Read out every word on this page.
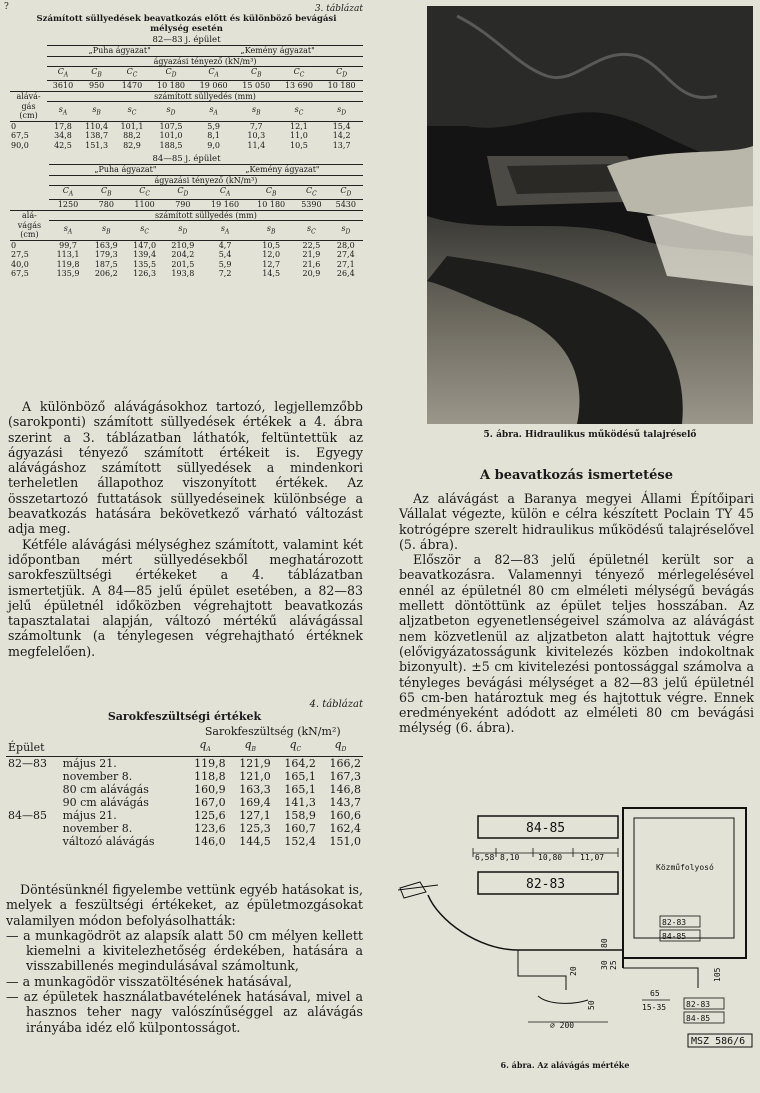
?	3. táblázat
Számított süllyedések beavatkozás előtt és különböző bevágási
mélység esetén
82—83 j. épület
	„Puha ágyazat"				„Kemény ágyazat"			
	ágyazási tényező (kN/m³)							
	$C_A$	$C_B$	$C_C$	$C_D$	$C_A$	$C_B$	$C_C$	$C_D$
	3610	950	1470	10 180	19 060	15 050	13 690	10 180
alává-	számított süllyedés (mm)							
gás	$s_A$	$s_B$	$s_C$	$s_D$	$s_A$	$s_B$	$s_C$	$s_D$
(cm)								
0	17,8	110,4	101,1	107,5	5,9	7,7	12,1	15,4
67,5	34,8	138,7	88,2	101,0	8,1	10,3	11,0	14,2
90,0	42,5	151,3	82,9	188,5	9,0	11,4	10,5	13,7
84—85 j. épület
	„Puha ágyazat"				„Kemény ágyazat"			
	ágyazási tényező (kN/m³)							
	$C_A$	$C_B$	$C_C$	$C_D$	$C_A$	$C_B$	$C_C$	$C_D$
	1250	780	1100	790	19 160	10 180	5390	5430
alá-	számított süllyedés (mm)							
vágás	$s_A$	$s_B$	$s_C$	$s_D$	$s_A$	$s_B$	$s_C$	$s_D$
(cm)								
0	99,7	163,9	147,0	210,9	4,7	10,5	22,5	28,0
27,5	113,1	179,3	139,4	204,2	5,4	12,0	21,9	27,4
40,0	119,8	187,5	135,5	201,5	5,9	12,7	21,6	27,1
67,5	135,9	206,2	126,3	193,8	7,2	14,5	20,9	26,4

A különböző alávágásokhoz tartozó, legjellemzőbb (sarokponti) számított süllyedések értékek a 4. ábra szerint a 3. táblázatban láthatók, feltüntettük az ágyazási tényező számított értékeit is. Egyegy alávágáshoz számított süllyedések a mindenkori terheletlen állapothoz viszonyított értékek. Az összetartozó futtatások süllyedéseinek különbsége a beavatkozás hatására bekövetkező várható változást adja meg.

Kétféle alávágási mélységhez számított, valamint két időpontban mért süllyedésekből meghatározott sarokfeszültségi értékeket a 4. táblázatban ismertetjük. A 84—85 jelű épület esetében, a 82—83 jelű épületnél időközben végrehajtott beavatkozás tapasztalatai alapján, változó mértékű alávágással számoltunk (a ténylegesen végrehajtható értéknek megfelelően).

4. táblázat
Sarokfeszültségi értékek
		Sarokfeszültség (kN/m²)			
Épület		$q_A$	$q_B$	$q_C$	$q_D$
82—83	május 21.	119,8	121,9	164,2	166,2
	november 8.	118,8	121,0	165,1	167,3
	80 cm alávágás	160,9	163,3	165,1	146,8
	90 cm alávágás	167,0	169,4	141,3	143,7
84—85	május 21.	125,6	127,1	158,9	160,6
	november 8.	123,6	125,3	160,7	162,4
	változó alávágás	146,0	144,5	152,4	151,0

Döntésünknél figyelembe vettünk egyéb hatásokat is, melyek a feszültségi értékeket, az épületmozgásokat valamilyen módon befolyásolhatták:

— a munkagödröt az alapsík alatt 50 cm mélyen kellett kiemelni a kivitelezhetőség érdekében, hatására a visszabillenés megindulásával számoltunk,
— a munkagödör visszatöltésének hatásával,
— az épületek használatbavételének hatásával, mivel a hasznos teher nagy valószínűséggel az alávágás irányába idéz elő külpontosságot.
5. ábra. Hidraulikus működésű talajréselő
A beavatkozás ismertetése

Az alávágást a Baranya megyei Állami Építőipari Vállalat végezte, külön e célra készített Poclain TY 45 kotrógépre szerelt hidraulikus működésű talajréselővel (5. ábra).

Először a 82—83 jelű épületnél került sor a beavatkozásra. Valamennyi tényező mérlegelésével ennél az épületnél 80 cm elméleti mélységű bevágás mellett döntöttünk az épület teljes hosszában. Az aljzatbeton egyenetlenségeivel számolva az alávágást nem közvetlenül az aljzatbeton alatt hajtottuk végre (elővigyázatosságunk kivitelezés közben indokoltnak bizonyult). ±5 cm kivitelezési pontossággal számolva a tényleges bevágási mélységet a 82—83 jelű épületnél 65 cm-ben határoztuk meg és hajtottuk végre. Ennek eredményeként adódott az elméleti 80 cm bevágási mélység (6. ábra).

84-85
6,58 8,10 10,80 11,07
82-83
Közműfolyosó
80
30 25
105
20
65
15-35
⌀ 200
50
82-83
84-85
82-83
84-85
MSZ 586/6
6. ábra. Az alávágás mértéke
